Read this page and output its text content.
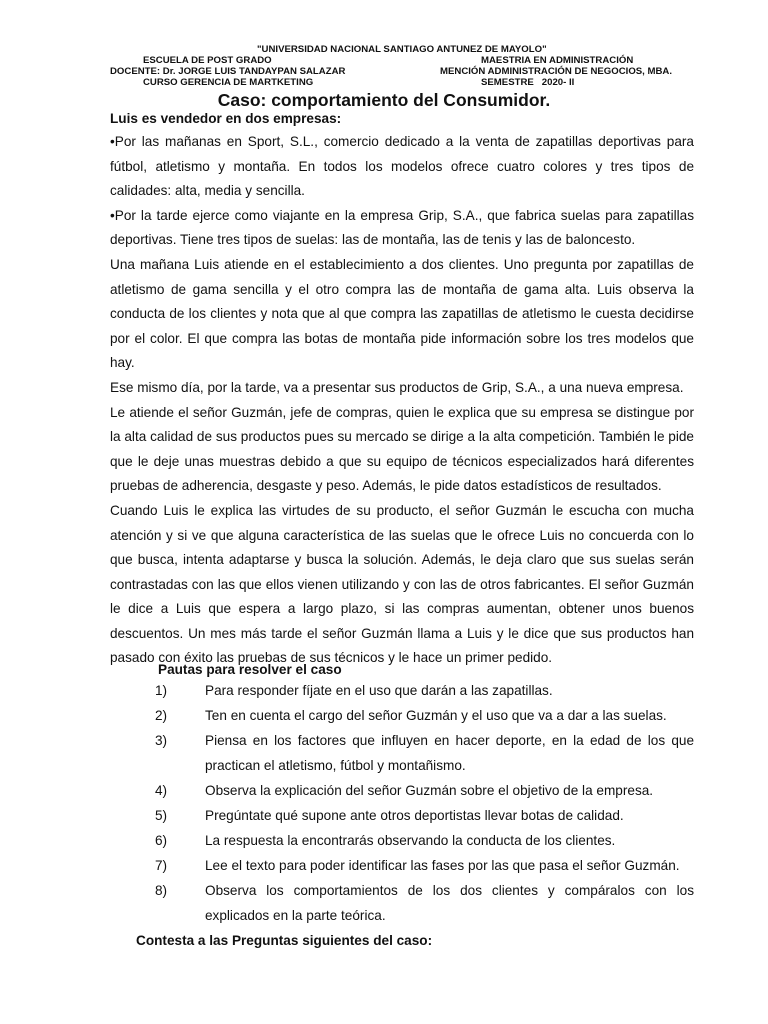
"UNIVERSIDAD NACIONAL SANTIAGO ANTUNEZ DE MAYOLO"
ESCUELA DE POST GRADO	MAESTRIA EN ADMINISTRACIÓN
DOCENTE: Dr. JORGE LUIS TANDAYPAN SALAZAR	MENCIÓN ADMINISTRACIÓN DE NEGOCIOS, MBA.
CURSO GERENCIA DE MARTKETING	SEMESTRE   2020- II
Caso: comportamiento del Consumidor.
Luis es vendedor en dos empresas:

•Por las mañanas en Sport, S.L., comercio dedicado a la venta de zapatillas deportivas para fútbol, atletismo y montaña. En todos los modelos ofrece cuatro colores y tres tipos de calidades: alta, media y sencilla.

•Por la tarde ejerce como viajante en la empresa Grip, S.A., que fabrica suelas para zapatillas deportivas. Tiene tres tipos de suelas: las de montaña, las de tenis y las de baloncesto.

Una mañana Luis atiende en el establecimiento a dos clientes. Uno pregunta por zapatillas de atletismo de gama sencilla y el otro compra las de montaña de gama alta. Luis observa la conducta de los clientes y nota que al que compra las zapatillas de atletismo le cuesta decidirse por el color. El que compra las botas de montaña pide información sobre los tres modelos que hay.

Ese mismo día, por la tarde, va a presentar sus productos de Grip, S.A., a una nueva empresa.

Le atiende el señor Guzmán, jefe de compras, quien le explica que su empresa se distingue por la alta calidad de sus productos pues su mercado se dirige a la alta competición. También le pide que le deje unas muestras debido a que su equipo de técnicos especializados hará diferentes pruebas de adherencia, desgaste y peso. Además, le pide datos estadísticos de resultados.

Cuando Luis le explica las virtudes de su producto, el señor Guzmán le escucha con mucha atención y si ve que alguna característica de las suelas que le ofrece Luis no concuerda con lo que busca, intenta adaptarse y busca la solución. Además, le deja claro que sus suelas serán contrastadas con las que ellos vienen utilizando y con las de otros fabricantes. El señor Guzmán le dice a Luis que espera a largo plazo, si las compras aumentan, obtener unos buenos descuentos. Un mes más tarde el señor Guzmán llama a Luis y le dice que sus productos han pasado con éxito las pruebas de sus técnicos y le hace un primer pedido.

Pautas para resolver el caso
1)	Para responder fíjate en el uso que darán a las zapatillas.
2)	Ten en cuenta el cargo del señor Guzmán y el uso que va a dar a las suelas.
3)	Piensa en los factores que influyen en hacer deporte, en la edad de los que practican el atletismo, fútbol y montañismo.
4)	Observa la explicación del señor Guzmán sobre el objetivo de la empresa.
5)	Pregúntate qué supone ante otros deportistas llevar botas de calidad.
6)	La respuesta la encontrarás observando la conducta de los clientes.
7)	Lee el texto para poder identificar las fases por las que pasa el señor Guzmán.
8)	Observa los comportamientos de los dos clientes y compáralos con los explicados en la parte teórica.
Contesta a las Preguntas siguientes del caso:
